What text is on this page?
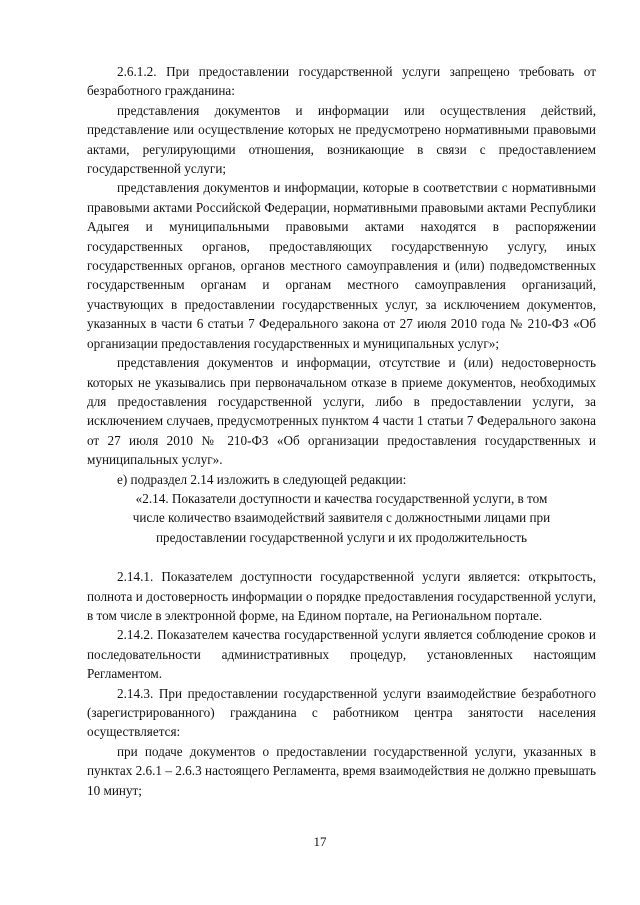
2.6.1.2. При предоставлении государственной услуги запрещено требовать от безработного гражданина:

представления документов и информации или осуществления действий, представление или осуществление которых не предусмотрено нормативными правовыми актами, регулирующими отношения, возникающие в связи с предоставлением государственной услуги;

представления документов и информации, которые в соответствии с нормативными правовыми актами Российской Федерации, нормативными правовыми актами Республики Адыгея и муниципальными правовыми актами находятся в распоряжении государственных органов, предоставляющих государственную услугу, иных государственных органов, органов местного самоуправления и (или) подведомственных государственным органам и органам местного самоуправления организаций, участвующих в предоставлении государственных услуг, за исключением документов, указанных в части 6 статьи 7 Федерального закона от 27 июля 2010 года № 210-ФЗ «Об организации предоставления государственных и муниципальных услуг»;

представления документов и информации, отсутствие и (или) недостоверность которых не указывались при первоначальном отказе в приеме документов, необходимых для предоставления государственной услуги, либо в предоставлении услуги, за исключением случаев, предусмотренных пунктом 4 части 1 статьи 7 Федерального закона от 27 июля 2010 № 210-ФЗ «Об организации предоставления государственных и муниципальных услуг».

е) подраздел 2.14 изложить в следующей редакции:

«2.14. Показатели доступности и качества государственной услуги, в том числе количество взаимодействий заявителя с должностными лицами при предоставлении государственной услуги и их продолжительность

2.14.1. Показателем доступности государственной услуги является: открытость, полнота и достоверность информации о порядке предоставления государственной услуги, в том числе в электронной форме, на Едином портале, на Региональном портале.

2.14.2. Показателем качества государственной услуги является соблюдение сроков и последовательности административных процедур, установленных настоящим Регламентом.

2.14.3. При предоставлении государственной услуги взаимодействие безработного (зарегистрированного) гражданина с работником центра занятости населения осуществляется:

при подаче документов о предоставлении государственной услуги, указанных в пунктах 2.6.1 – 2.6.3 настоящего Регламента, время взаимодействия не должно превышать 10 минут;

17
